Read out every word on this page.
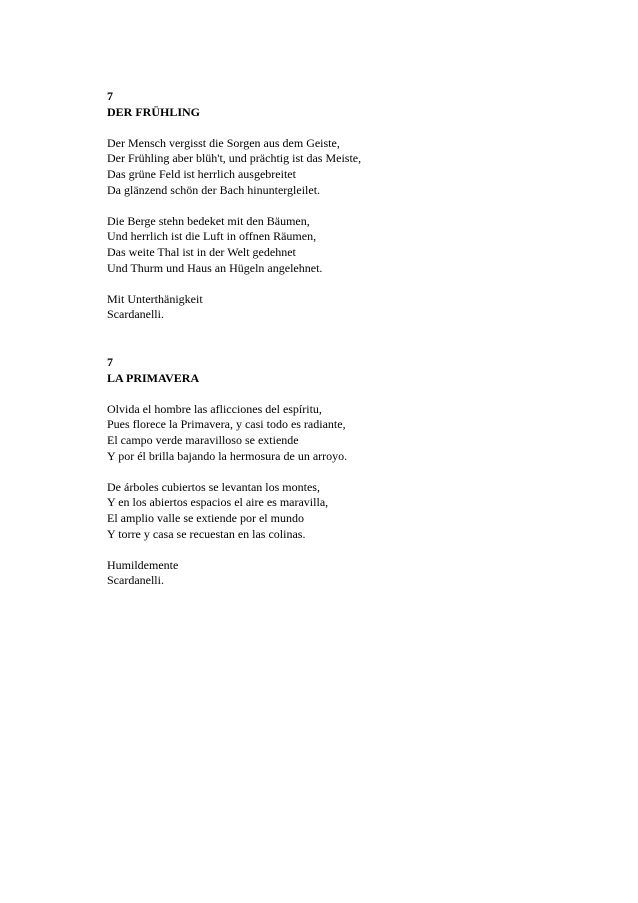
7

DER FRÜHLING

Der Mensch vergisst die Sorgen aus dem Geiste,

Der Frühling aber blüh't, und prächtig ist das Meiste,

Das grüne Feld ist herrlich ausgebreitet

Da glänzend schön der Bach hinuntergleilet.

Die Berge stehn bedeket mit den Bäumen,

Und herrlich ist die Luft in offnen Räumen,

Das weite Thal ist in der Welt gedehnet

Und Thurm und Haus an Hügeln angelehnet.

Mit Unterthänigkeit

Scardanelli.

7

LA PRIMAVERA

Olvida el hombre las aflicciones del espíritu,

Pues florece la Primavera, y casi todo es radiante,

El campo verde maravilloso se extiende

Y por él brilla bajando la hermosura de un arroyo.

De árboles cubiertos se levantan los montes,

Y en los abiertos espacios el aire es maravilla,

El amplio valle se extiende por el mundo

Y torre y casa se recuestan en las colinas.

Humildemente

Scardanelli.
